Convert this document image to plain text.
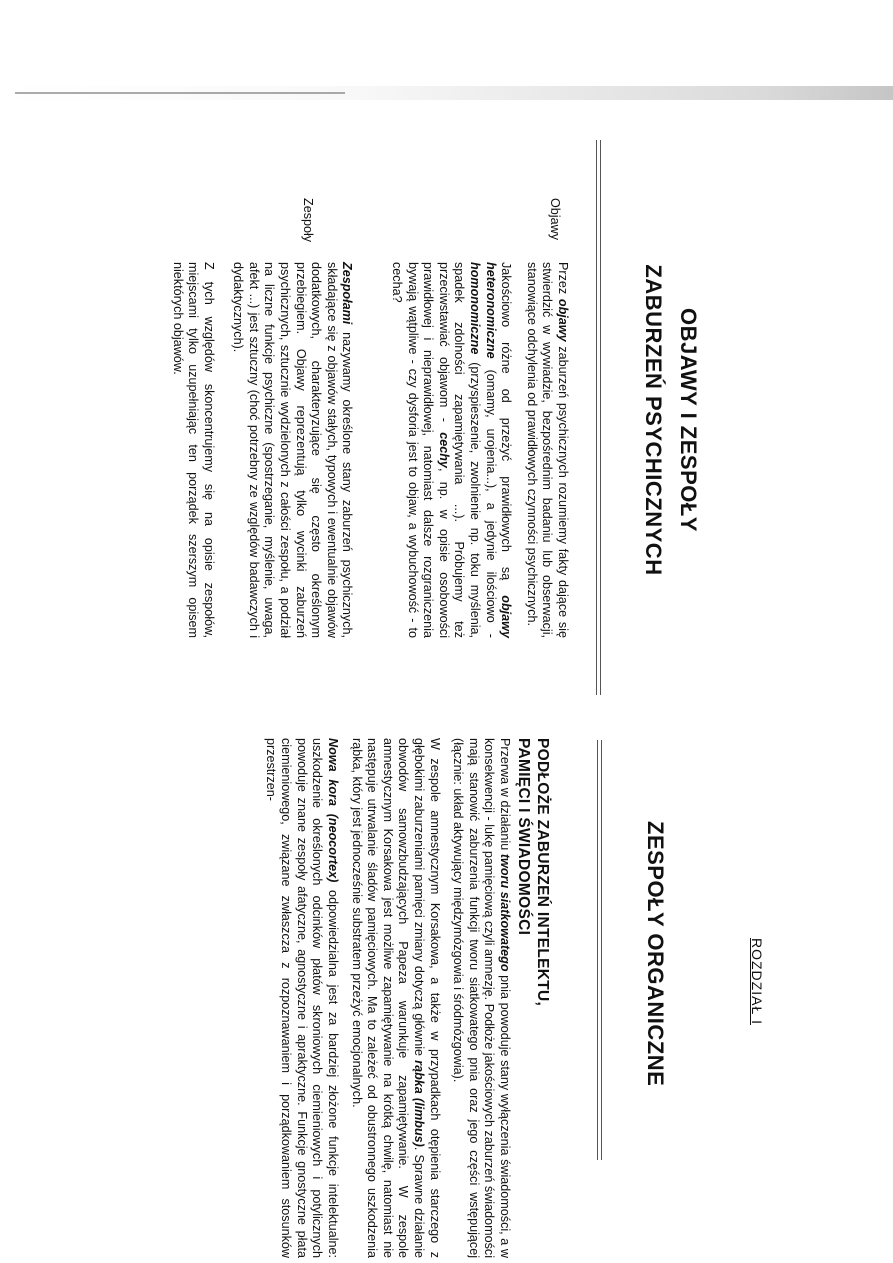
ROZDZIAŁ I
OBJAWY I ZESPOŁY
ZABURZEŃ PSYCHICZNYCH
ZESPOŁY ORGANICZNE
Objawy
Zespoły

Przez objawy zaburzeń psychicznych rozumiemy fakty dające się stwierdzić w wywiadzie, bezpośrednim badaniu lub obserwacji, stanowiące odchylenia od prawidłowych czynności psychicznych.

Jakościowo różne od przeżyć prawidłowych są objawy heteronomiczne (omamy, urojenia...), a jedynie ilościowo - homonomiczne (przyspieszenie, zwolnienie np. toku myślenia, spadek zdolności zapamiętywania ...). Próbujemy też przeciwstawiać objawom - cechy, np. w opisie osobowości prawidłowej i nieprawidłowej, natomiast dalsze rozgraniczenia bywają wątpliwe - czy dysforia jest to objaw, a wybuchowość - to cecha?

Zespołami nazywamy określone stany zaburzeń psychicznych, składające się z objawów stałych, typowych i ewentualnie objawów dodatkowych, charakteryzujące się często określonym przebiegiem. Objawy reprezentują tylko wycinki zaburzeń psychicznych, sztucznie wydzielonych z całości zespołu, a podział na liczne funkcje psychiczne (spostrzeganie, myślenie, uwaga, afekt ...) jest sztuczny (choć potrzebny ze względów badawczych i dydaktycznych).

Z tych względów skoncentrujemy się na opisie zespołów, miejscami tylko uzupełniając ten porządek szerszym opisem niektórych objawów.

PODŁOŻE ZABURZEŃ INTELEKTU,
PAMIĘCI I ŚWIADOMOŚCI

Przerwa w działaniu tworu siatkowatego pnia powoduje stany wyłączenia świadomości, a w konsekwencji - lukę pamięciową czyli amnezję. Podłoże jakościowych zaburzeń świadomości mają stanowić zaburzenia funkcji tworu siatkowatego pnia oraz jego części wstępującej (łącznie: układ aktywujący międzymózgowia i śródmózgowia).

W zespole amnestycznym Korsakowa, a także w przypadkach otępienia starczego z głębokimi zaburzeniami pamięci zmiany dotyczą głównie rąbka (limbus). Sprawne działanie obwodów samowzbudzających Papeza warunkuje zapamiętywanie. W zespole amnestycznym Korsakowa jest możliwe zapamiętywanie na krótką chwilę, natomiast nie następuje utrwalanie śladów pamięciowych. Ma to zależeć od obustronnego uszkodzenia rąbka, który jest jednocześnie substratem przeżyć emocjonalnych.

Nowa kora (neocortex) odpowiedzialna jest za bardziej złożone funkcje intelektualne: uszkodzenie określonych odcinków płatów skroniowych ciemieniowych i potylicznych powoduje znane zespoły afatyczne, agnostyczne i apraktyczne. Funkcje gnostyczne płata ciemieniowego, związane zwłaszcza z rozpoznawaniem i porządkowaniem stosunków przestrzen-
